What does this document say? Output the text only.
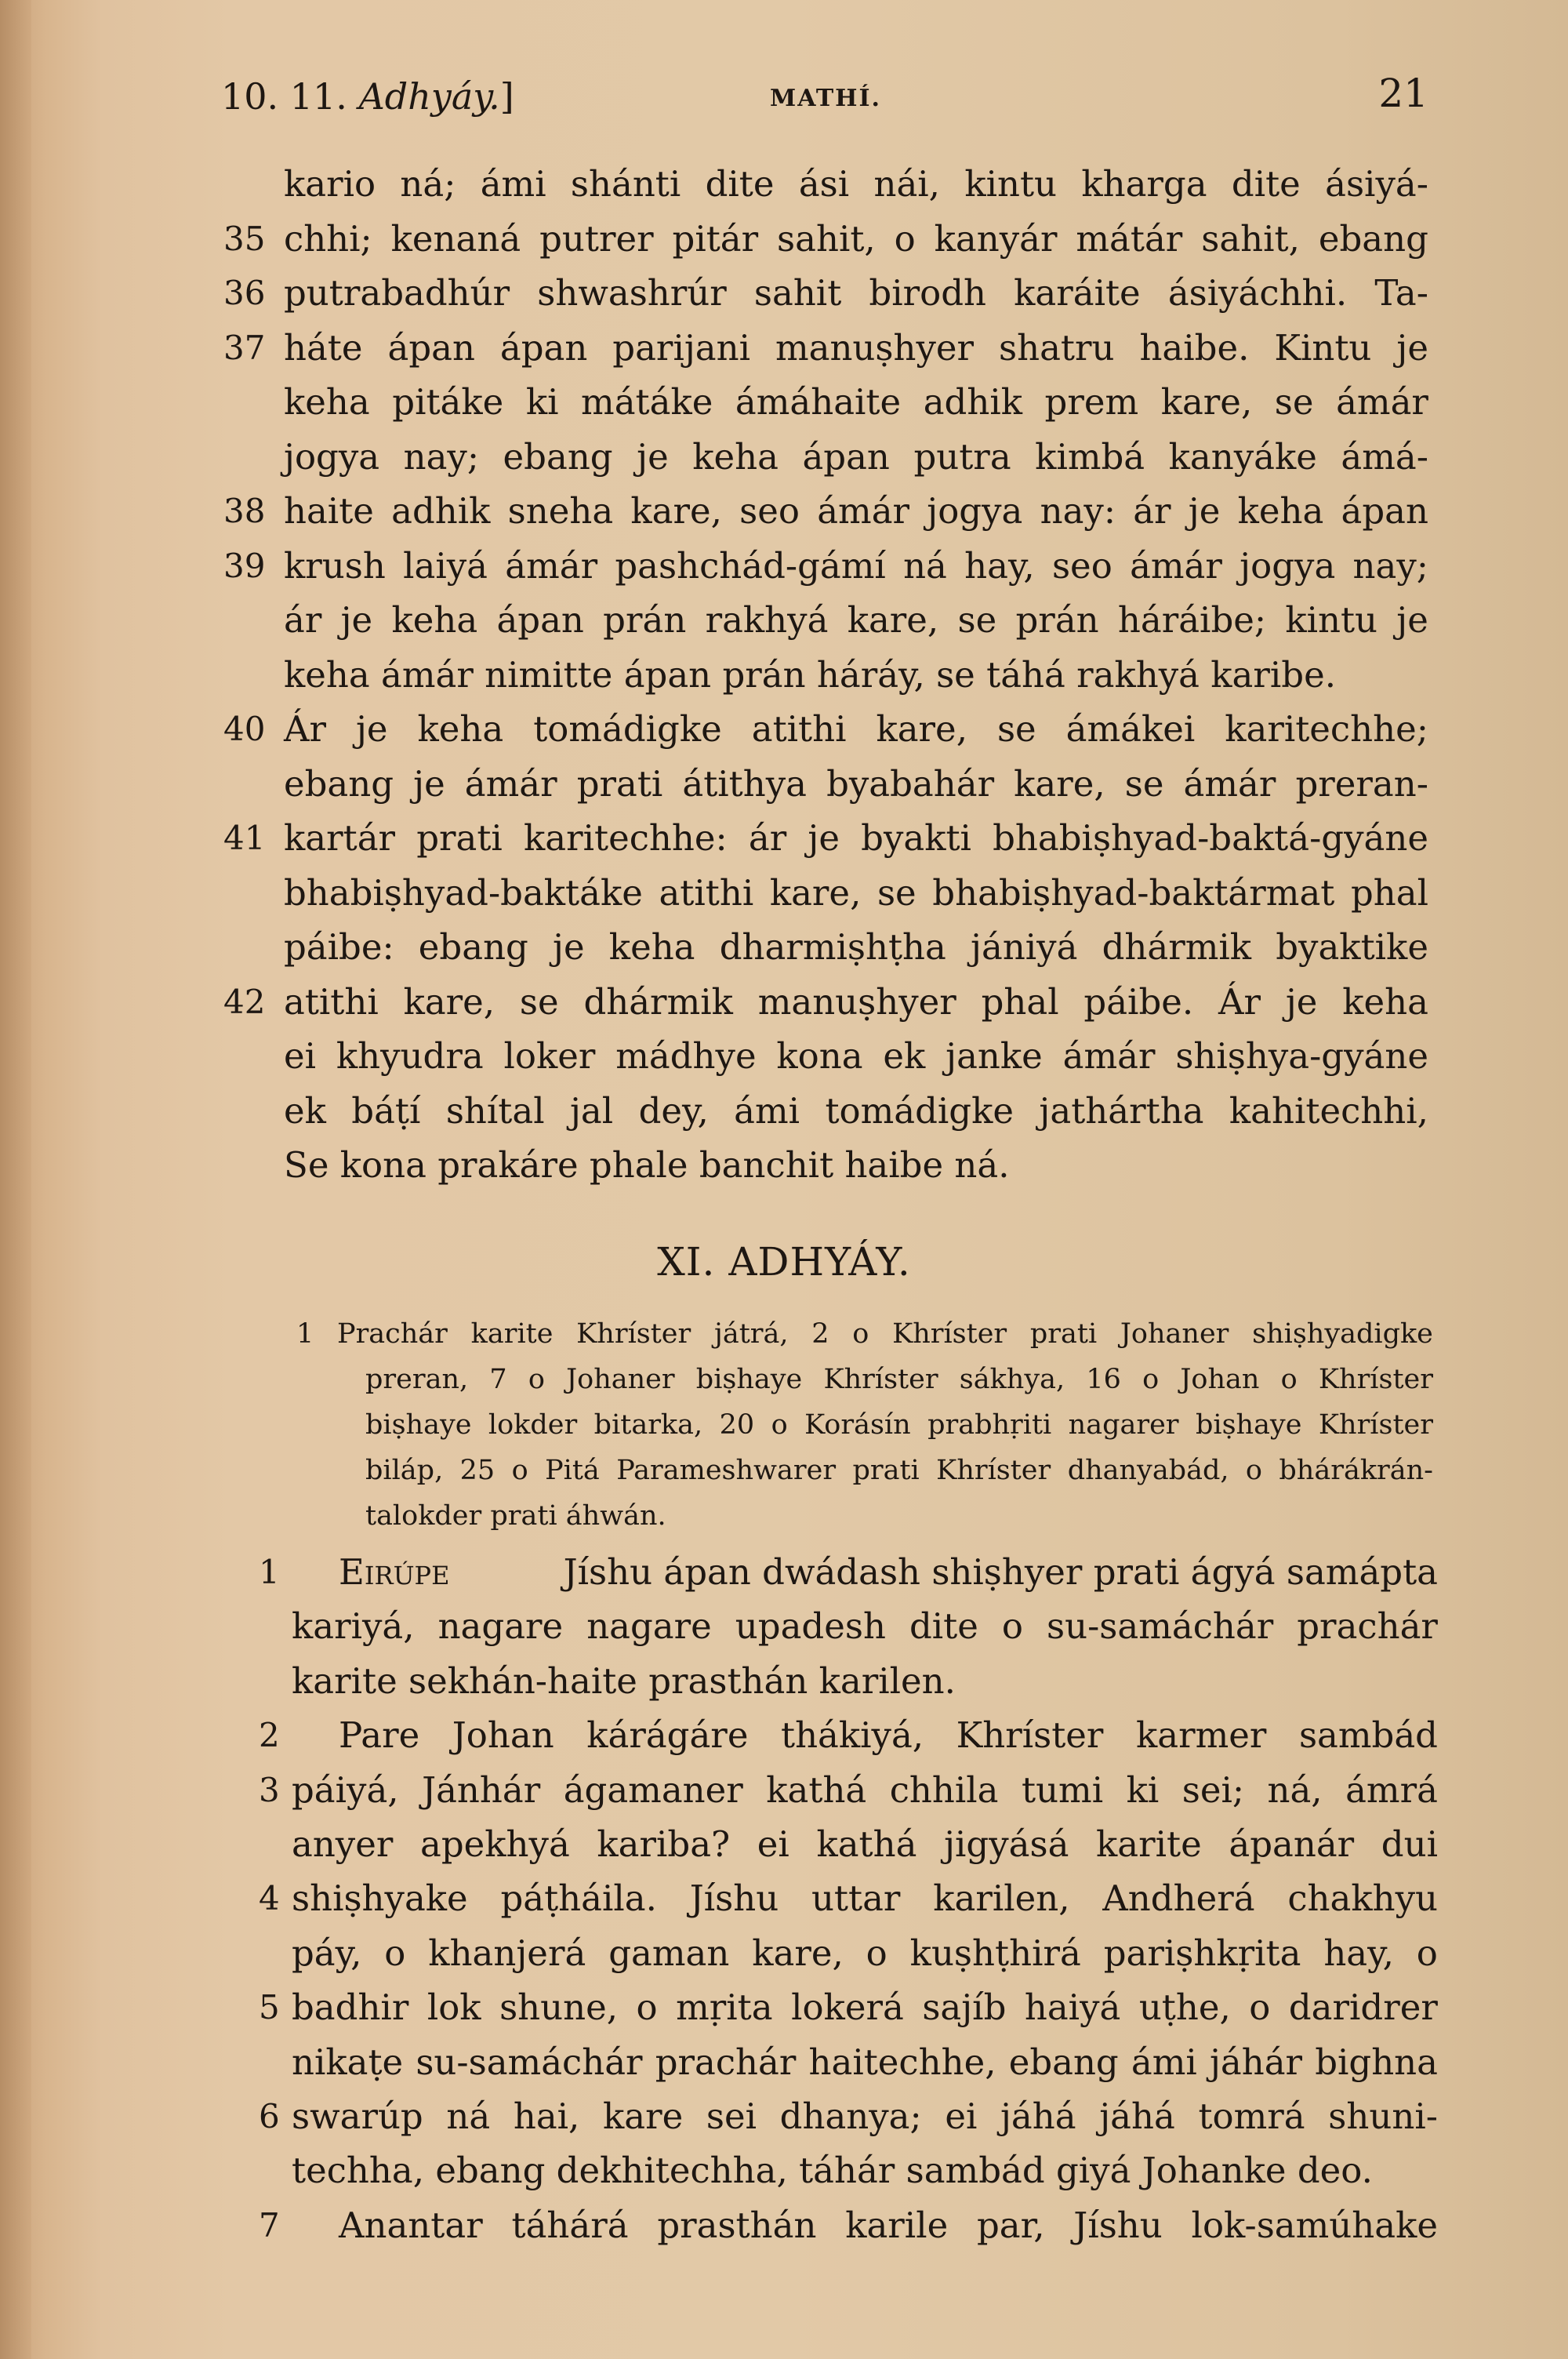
10. 11. Adhyáy.]	MATHÍ.	21
kario ná; ámi shánti dite ási nái, kintu kharga dite ásiyá-
35 chhi; kenaná putrer pitár sahit, o kanyár mátár sahit, ebang
36 putrabadhúr shwashrúr sahit birodh karáite ásiyáchhi. Ta-
37 háte ápan ápan parijani manuṣhyer shatru haibe. Kintu je
keha pitáke ki mátáke ámáhaite adhik prem kare, se ámár
jogya nay; ebang je keha ápan putra kimbá kanyáke ámá-
38 haite adhik sneha kare, seo ámár jogya nay: ár je keha ápan
39 krush laiyá ámár pashchád-gámí ná hay, seo ámár jogya nay;
ár je keha ápan prán rakhyá kare, se prán háráibe; kintu je
keha ámár nimitte ápan prán háráy, se táhá rakhyá karibe.
40 Ár je keha tomádigke atithi kare, se ámákei karitechhe;
ebang je ámár prati átithya byabahár kare, se ámár preran-
41 kartár prati karitechhe: ár je byakti bhabiṣhyad-baktá-gyáne
bhabiṣhyad-baktáke atithi kare, se bhabiṣhyad-baktármat phal
páibe: ebang je keha dharmiṣhṭha jániyá dhármik byaktike
42 atithi kare, se dhármik manuṣhyer phal páibe. Ár je keha
ei khyudra loker mádhye kona ek janke ámár shiṣhya-gyáne
ek báṭí shítal jal dey, ámi tomádigke jathártha kahitechhi,
Se kona prakáre phale banchit haibe ná.
XI. ADHYÁY.
1 Prachár karite Khríster játrá, 2 o Khríster prati Johaner shiṣhyadigke
preran, 7 o Johaner biṣhaye Khríster sákhya, 16 o Johan o Khríster
biṣhaye lokder bitarka, 20 o Korásín prabhṛiti nagarer biṣhaye Khríster
biláp, 25 o Pitá Parameshwarer prati Khríster dhanyabád, o bhárákrán-
talokder prati áhwán.
1 Eirúpe	Jíshu ápan dwádash shiṣhyer prati ágyá samápta
kariyá, nagare nagare upadesh dite o su-samáchár prachár
karite sekhán-haite prasthán karilen.
2 Pare Johan kárágáre thákiyá, Khríster karmer sambád
3 páiyá, Jánhár ágamaner kathá chhila tumi ki sei; ná, ámrá
anyer apekhyá kariba? ei kathá jigyásá karite ápanár dui
4 shiṣhyake páṭháila. Jíshu uttar karilen, Andherá chakhyu
páy, o khanjerá gaman kare, o kuṣhṭhirá pariṣhkṛita hay, o
5 badhir lok shune, o mṛita lokerá sajíb haiyá uṭhe, o daridrer
nikaṭe su-samáchár prachár haitechhe, ebang ámi jáhár bighna
6 swarúp ná hai, kare sei dhanya; ei jáhá jáhá tomrá shuni-
techha, ebang dekhitechha, táhár sambád giyá Johanke deo.
7 Anantar táhárá prasthán karile par, Jíshu lok-samúhake
